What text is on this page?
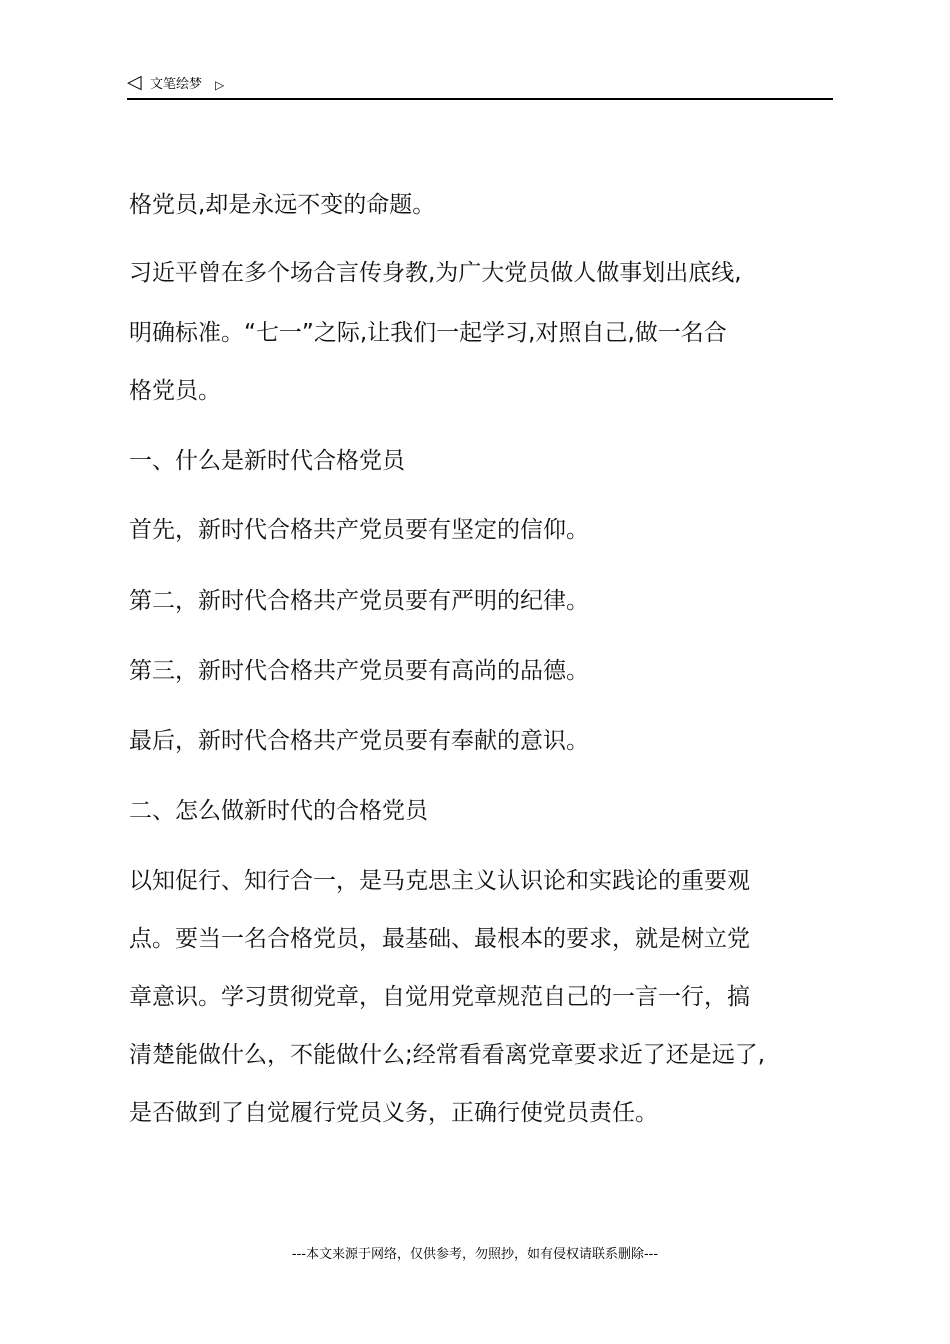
◁ 文笔绘梦 ▷
格党员,却是永远不变的命题。
习近平曾在多个场合言传身教,为广大党员做人做事划出底线,
明确标准。“七一”之际,让我们一起学习,对照自己,做一名合
格党员。
一、什么是新时代合格党员
首先，新时代合格共产党员要有坚定的信仰。
第二，新时代合格共产党员要有严明的纪律。
第三，新时代合格共产党员要有高尚的品德。
最后，新时代合格共产党员要有奉献的意识。
二、怎么做新时代的合格党员
以知促行、知行合一，是马克思主义认识论和实践论的重要观
点。要当一名合格党员，最基础、最根本的要求，就是树立党
章意识。学习贯彻党章，自觉用党章规范自己的一言一行，搞
清楚能做什么，不能做什么;经常看看离党章要求近了还是远了,
是否做到了自觉履行党员义务，正确行使党员责任。
---本文来源于网络，仅供参考，勿照抄，如有侵权请联系删除---
